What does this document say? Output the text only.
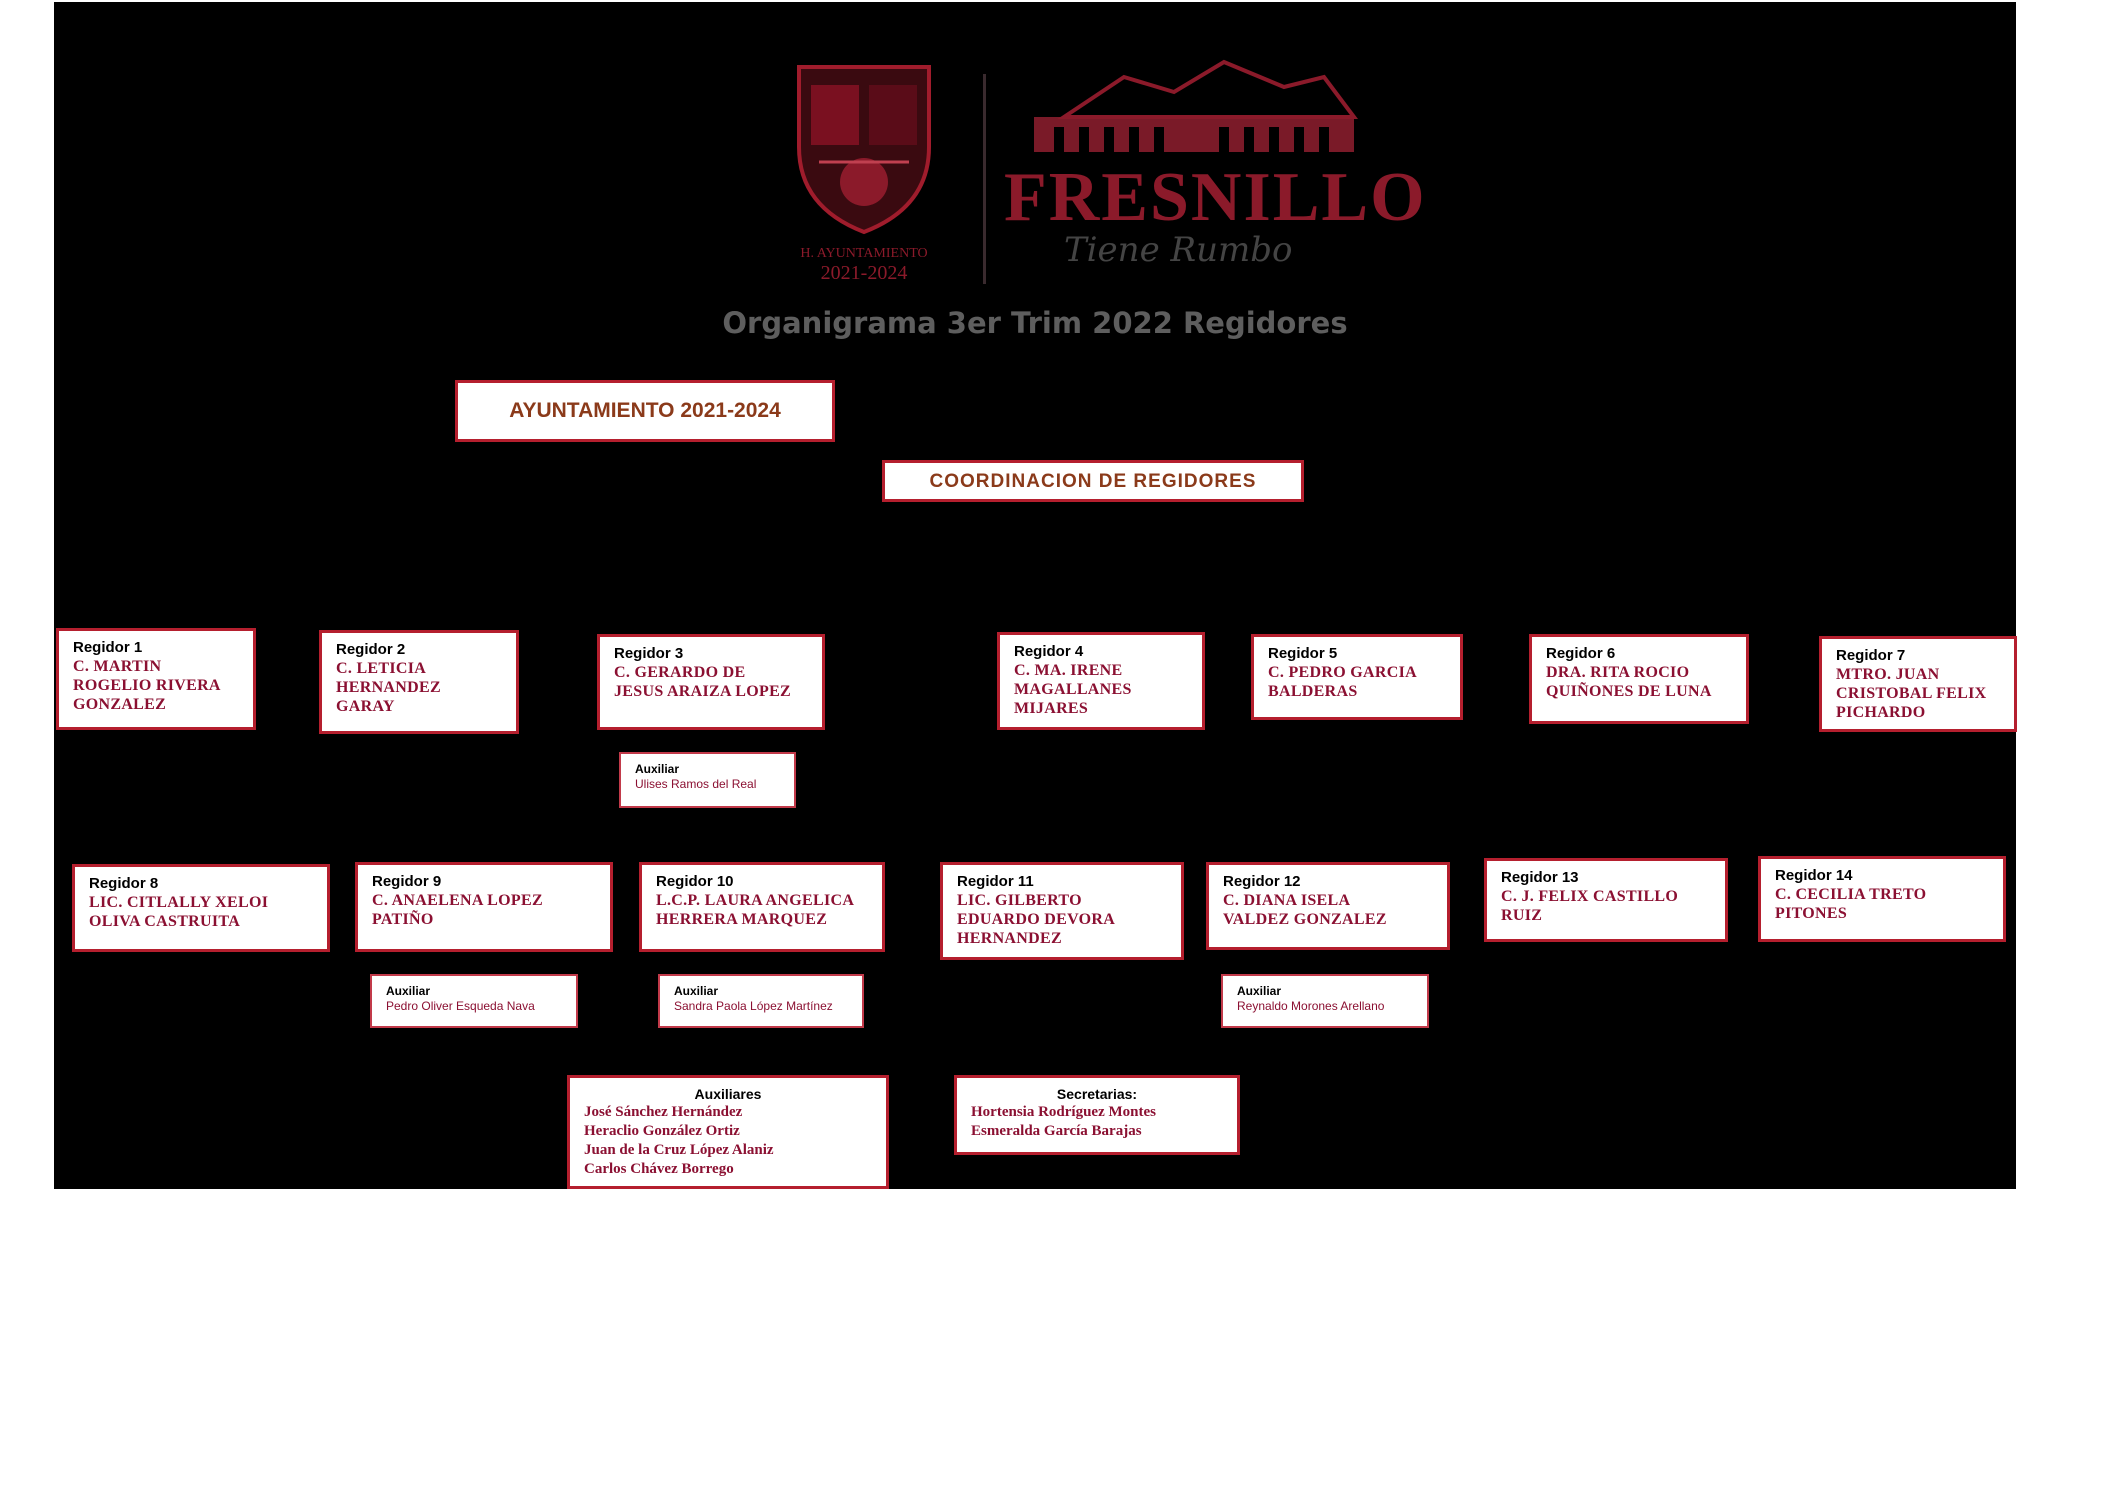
H. AYUNTAMIENTO
2021-2024
FRESNILLO
Tiene Rumbo
Organigrama 3er Trim 2022 Regidores
AYUNTAMIENTO 2021-2024
COORDINACION DE REGIDORES
Regidor 1
C. MARTIN
ROGELIO RIVERA
GONZALEZ
Regidor 2
C. LETICIA
HERNANDEZ
GARAY
Regidor 3
C. GERARDO DE
JESUS ARAIZA LOPEZ
Regidor 4
C. MA. IRENE
MAGALLANES
MIJARES
Regidor 5
C. PEDRO GARCIA
BALDERAS
Regidor 6
DRA. RITA ROCIO
QUIÑONES DE LUNA
Regidor 7
MTRO. JUAN
CRISTOBAL FELIX
PICHARDO
Auxiliar
Ulises Ramos del Real
Regidor 8
LIC. CITLALLY XELOI
OLIVA CASTRUITA
Regidor 9
C. ANAELENA LOPEZ
PATIÑO
Regidor 10
L.C.P. LAURA ANGELICA
HERRERA MARQUEZ
Regidor 11
LIC. GILBERTO
EDUARDO DEVORA
HERNANDEZ
Regidor 12
C. DIANA ISELA
VALDEZ GONZALEZ
Regidor 13
C. J. FELIX CASTILLO
RUIZ
Regidor 14
C. CECILIA TRETO
PITONES
Auxiliar
Pedro Oliver Esqueda Nava
Auxiliar
Sandra Paola López Martínez
Auxiliar
Reynaldo Morones Arellano
Auxiliares
José Sánchez Hernández
Heraclio González Ortiz
Juan de la Cruz López Alaniz
Carlos Chávez Borrego
Secretarias:
Hortensia Rodríguez Montes
Esmeralda García Barajas
